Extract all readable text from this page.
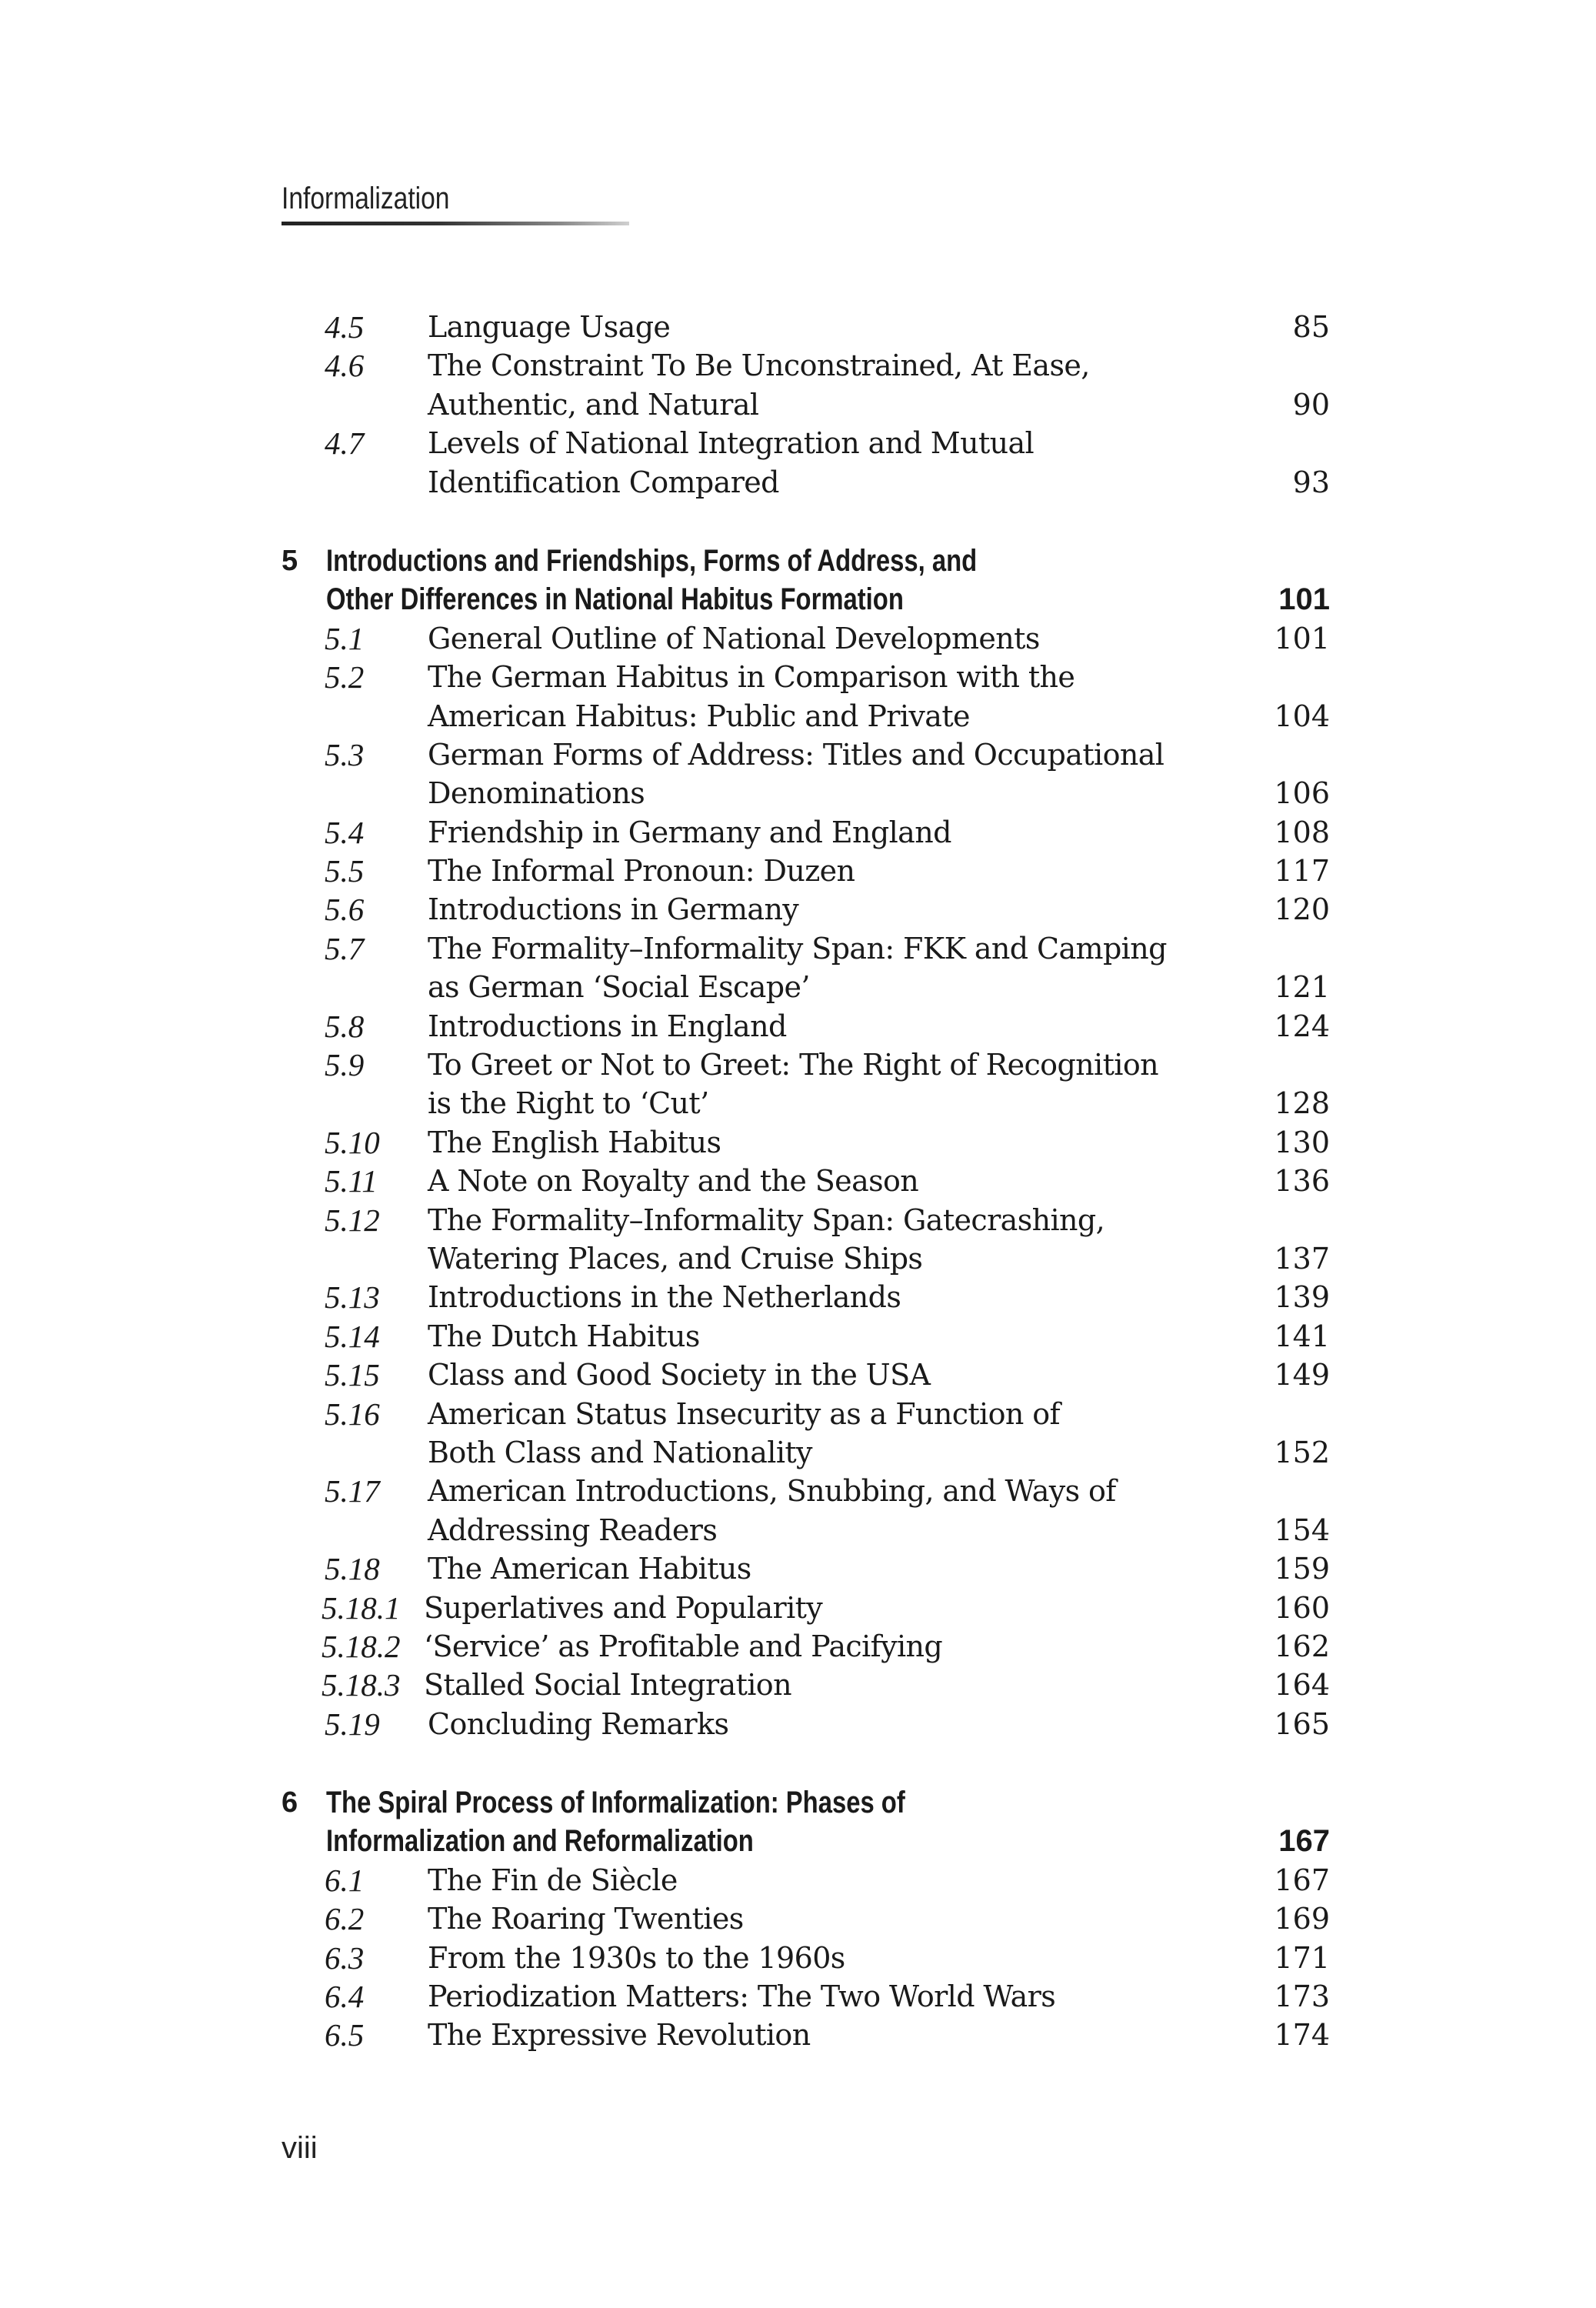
Informalization
4.5 Language Usage	85
4.6 The Constraint To Be Unconstrained, At Ease,
Authentic, and Natural	90
4.7 Levels of National Integration and Mutual
Identification Compared	93
5 Introductions and Friendships, Forms of Address, and
Other Differences in National Habitus Formation	101
5.1 General Outline of National Developments	101
5.2 The German Habitus in Comparison with the
American Habitus: Public and Private	104
5.3 German Forms of Address: Titles and Occupational
Denominations	106
5.4 Friendship in Germany and England	108
5.5 The Informal Pronoun: Duzen	117
5.6 Introductions in Germany	120
5.7 The Formality–Informality Span: FKK and Camping
as German ‘Social Escape’	121
5.8 Introductions in England	124
5.9 To Greet or Not to Greet: The Right of Recognition
is the Right to ‘Cut’	128
5.10 The English Habitus	130
5.11 A Note on Royalty and the Season	136
5.12 The Formality–Informality Span: Gatecrashing,
Watering Places, and Cruise Ships	137
5.13 Introductions in the Netherlands	139
5.14 The Dutch Habitus	141
5.15 Class and Good Society in the USA	149
5.16 American Status Insecurity as a Function of
Both Class and Nationality	152
5.17 American Introductions, Snubbing, and Ways of
Addressing Readers	154
5.18 The American Habitus	159
5.18.1 Superlatives and Popularity	160
5.18.2 ‘Service’ as Profitable and Pacifying	162
5.18.3 Stalled Social Integration	164
5.19 Concluding Remarks	165
6 The Spiral Process of Informalization: Phases of
Informalization and Reformalization	167
6.1 The Fin de Siècle	167
6.2 The Roaring Twenties	169
6.3 From the 1930s to the 1960s	171
6.4 Periodization Matters: The Two World Wars	173
6.5 The Expressive Revolution	174
viii
